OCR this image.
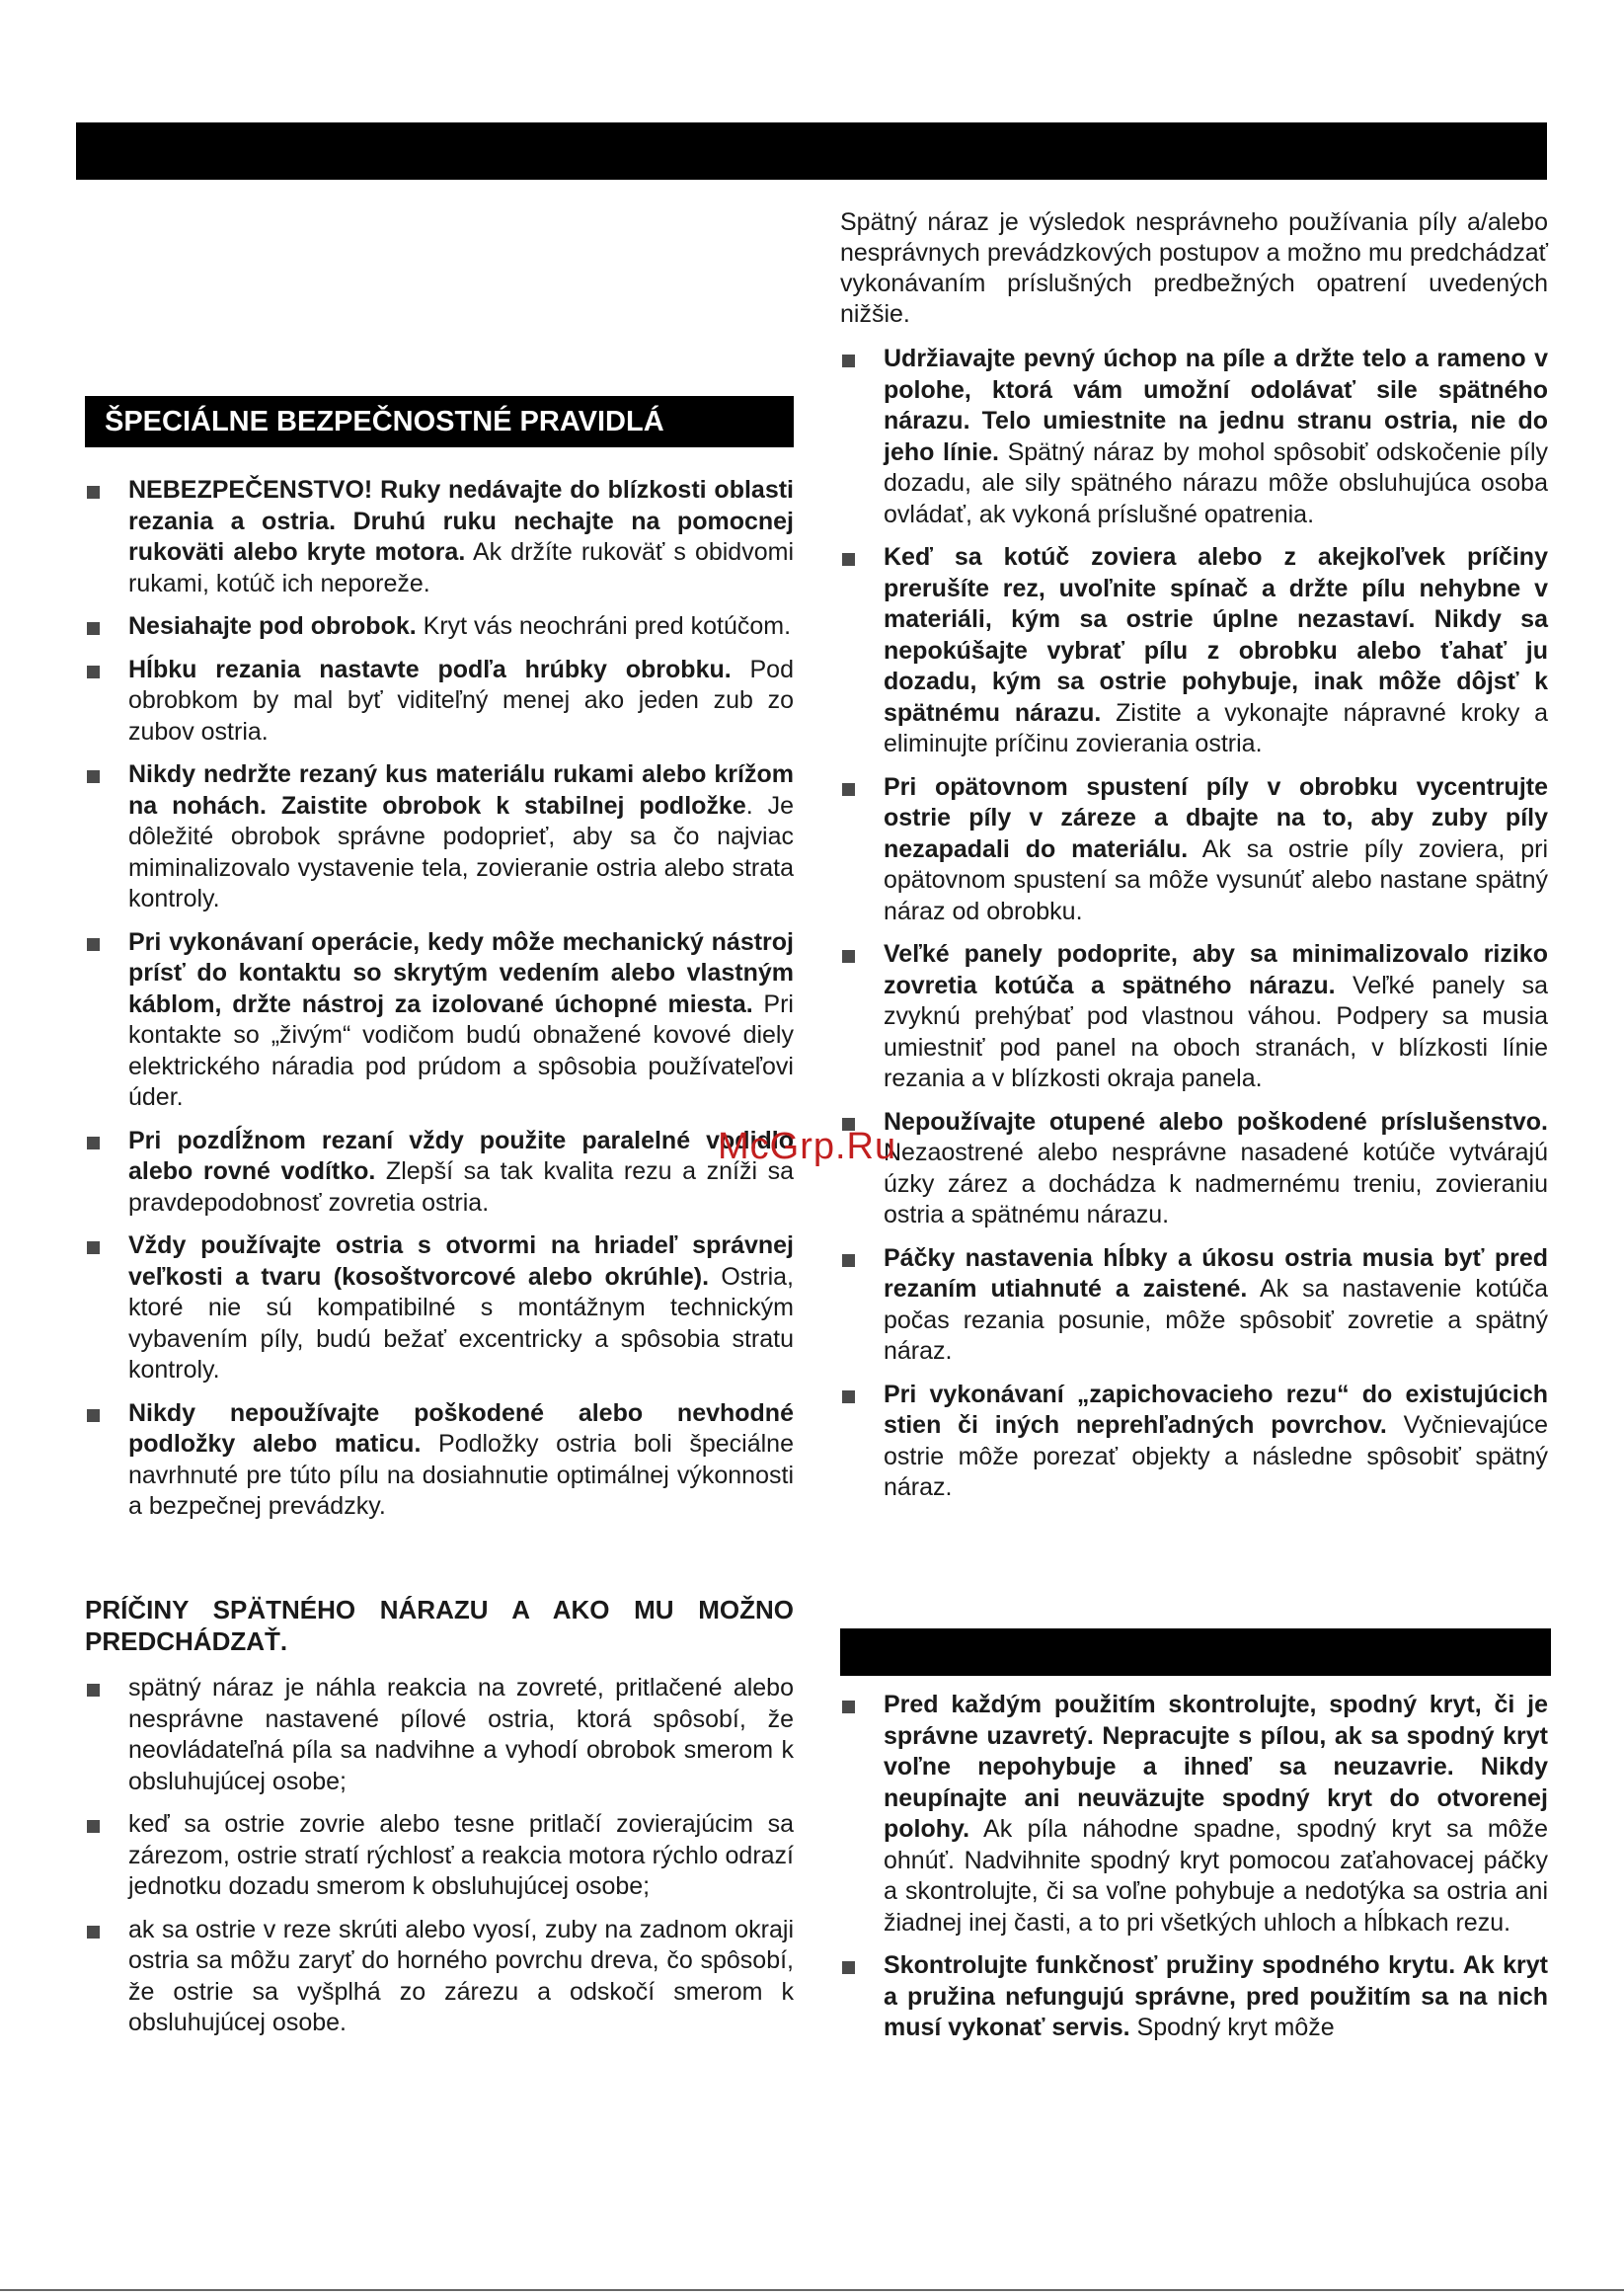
ŠPECIÁLNE BEZPEČNOSTNÉ PRAVIDLÁ
NEBEZPEČENSTVO! Ruky nedávajte do blízkosti oblasti rezania a ostria. Druhú ruku nechajte na pomocnej rukoväti alebo kryte motora. Ak držíte rukoväť s obidvomi rukami, kotúč ich neporeže.
Nesiahajte pod obrobok. Kryt vás neochráni pred kotúčom.
Hĺbku rezania nastavte podľa hrúbky obrobku. Pod obrobkom by mal byť viditeľný menej ako jeden zub zo zubov ostria.
Nikdy nedržte rezaný kus materiálu rukami alebo krížom na nohách. Zaistite obrobok k stabilnej podložke. Je dôležité obrobok správne podoprieť, aby sa čo najviac miminalizovalo vystavenie tela, zovieranie ostria alebo strata kontroly.
Pri vykonávaní operácie, kedy môže mechanický nástroj prísť do kontaktu so skrytým vedením alebo vlastným káblom, držte nástroj za izolované úchopné miesta. Pri kontakte so „živým“ vodičom budú obnažené kovové diely elektrického náradia pod prúdom a spôsobia používateľovi úder.
Pri pozdĺžnom rezaní vždy použite paralelné vodidlo alebo rovné vodítko. Zlepší sa tak kvalita rezu a zníži sa pravdepodobnosť zovretia ostria.
Vždy používajte ostria s otvormi na hriadeľ správnej veľkosti a tvaru (kosoštvorcové alebo okrúhle). Ostria, ktoré nie sú kompatibilné s montážnym technickým vybavením píly, budú bežať excentricky a spôsobia stratu kontroly.
Nikdy nepoužívajte poškodené alebo nevhodné podložky alebo maticu. Podložky ostria boli špeciálne navrhnuté pre túto pílu na dosiahnutie optimálnej výkonnosti a bezpečnej prevádzky.
PRÍČINY SPÄTNÉHO NÁRAZU A AKO MU MOŽNO PREDCHÁDZAŤ.
spätný náraz je náhla reakcia na zovreté, pritlačené alebo nesprávne nastavené pílové ostria, ktorá spôsobí, že neovládateľná píla sa nadvihne a vyhodí obrobok smerom k obsluhujúcej osobe;
keď sa ostrie zovrie alebo tesne pritlačí zovierajúcim sa zárezom, ostrie stratí rýchlosť a reakcia motora rýchlo odrazí jednotku dozadu smerom k obsluhujúcej osobe;
ak sa ostrie v reze skrúti alebo vyosí, zuby na zadnom okraji ostria sa môžu zaryť do horného povrchu dreva, čo spôsobí, že ostrie sa vyšplhá zo zárezu a odskočí smerom k obsluhujúcej osobe.
Spätný náraz je výsledok nesprávneho používania píly a/alebo nesprávnych prevádzkových postupov a možno mu predchádzať vykonávaním príslušných predbežných opatrení uvedených nižšie.
Udržiavajte pevný úchop na píle a držte telo a rameno v polohe, ktorá vám umožní odolávať sile spätného nárazu. Telo umiestnite na jednu stranu ostria, nie do jeho línie. Spätný náraz by mohol spôsobiť odskočenie píly dozadu, ale sily spätného nárazu môže obsluhujúca osoba ovládať, ak vykoná príslušné opatrenia.
Keď sa kotúč zoviera alebo z akejkoľvek príčiny prerušíte rez, uvoľnite spínač a držte pílu nehybne v materiáli, kým sa ostrie úplne nezastaví. Nikdy sa nepokúšajte vybrať pílu z obrobku alebo ťahať ju dozadu, kým sa ostrie pohybuje, inak môže dôjsť k spätnému nárazu. Zistite a vykonajte nápravné kroky a eliminujte príčinu zovierania ostria.
Pri opätovnom spustení píly v obrobku vycentrujte ostrie píly v záreze a dbajte na to, aby zuby píly nezapadali do materiálu. Ak sa ostrie píly zovierа, pri opätovnom spustení sa môže vysunúť alebo nastane spätný náraz od obrobku.
Veľké panely podoprite, aby sa minimalizovalo riziko zovretia kotúča a spätného nárazu. Veľké panely sa zvyknú prehýbať pod vlastnou váhou. Podpery sa musia umiestniť pod panel na oboch stranách, v blízkosti línie rezania a v blízkosti okraja panela.
Nepoužívajte otupené alebo poškodené príslušenstvo. Nezaostrené alebo nesprávne nasadené kotúče vytvárajú úzky zárez a dochádza k nadmernému treniu, zovieraniu ostria a spätnému nárazu.
Páčky nastavenia hĺbky a úkosu ostria musia byť pred rezaním utiahnuté a zaistené. Ak sa nastavenie kotúča počas rezania posunie, môže spôsobiť zovretie a spätný náraz.
Pri vykonávaní „zapichovacieho rezu“ do existujúcich stien či iných neprehľadných povrchov. Vyčnievajúce ostrie môže porezať objekty a následne spôsobiť spätný náraz.
Pred každým použitím skontrolujte, spodný kryt, či je správne uzavretý. Nepracujte s pílou, ak sa spodný kryt voľne nepohybuje a ihneď sa neuzavrie. Nikdy neupínajte ani neuväzujte spodný kryt do otvorenej polohy. Ak píla náhodne spadne, spodný kryt sa môže ohnúť. Nadvihnite spodný kryt pomocou zaťahovacej páčky a skontrolujte, či sa voľne pohybuje a nedotýka sa ostria ani žiadnej inej časti, a to pri všetkých uhloch a hĺbkach rezu.
Skontrolujte funkčnosť pružiny spodného krytu. Ak kryt a pružina nefungujú správne, pred použitím sa na nich musí vykonať servis. Spodný kryt môže
McGrp.Ru
